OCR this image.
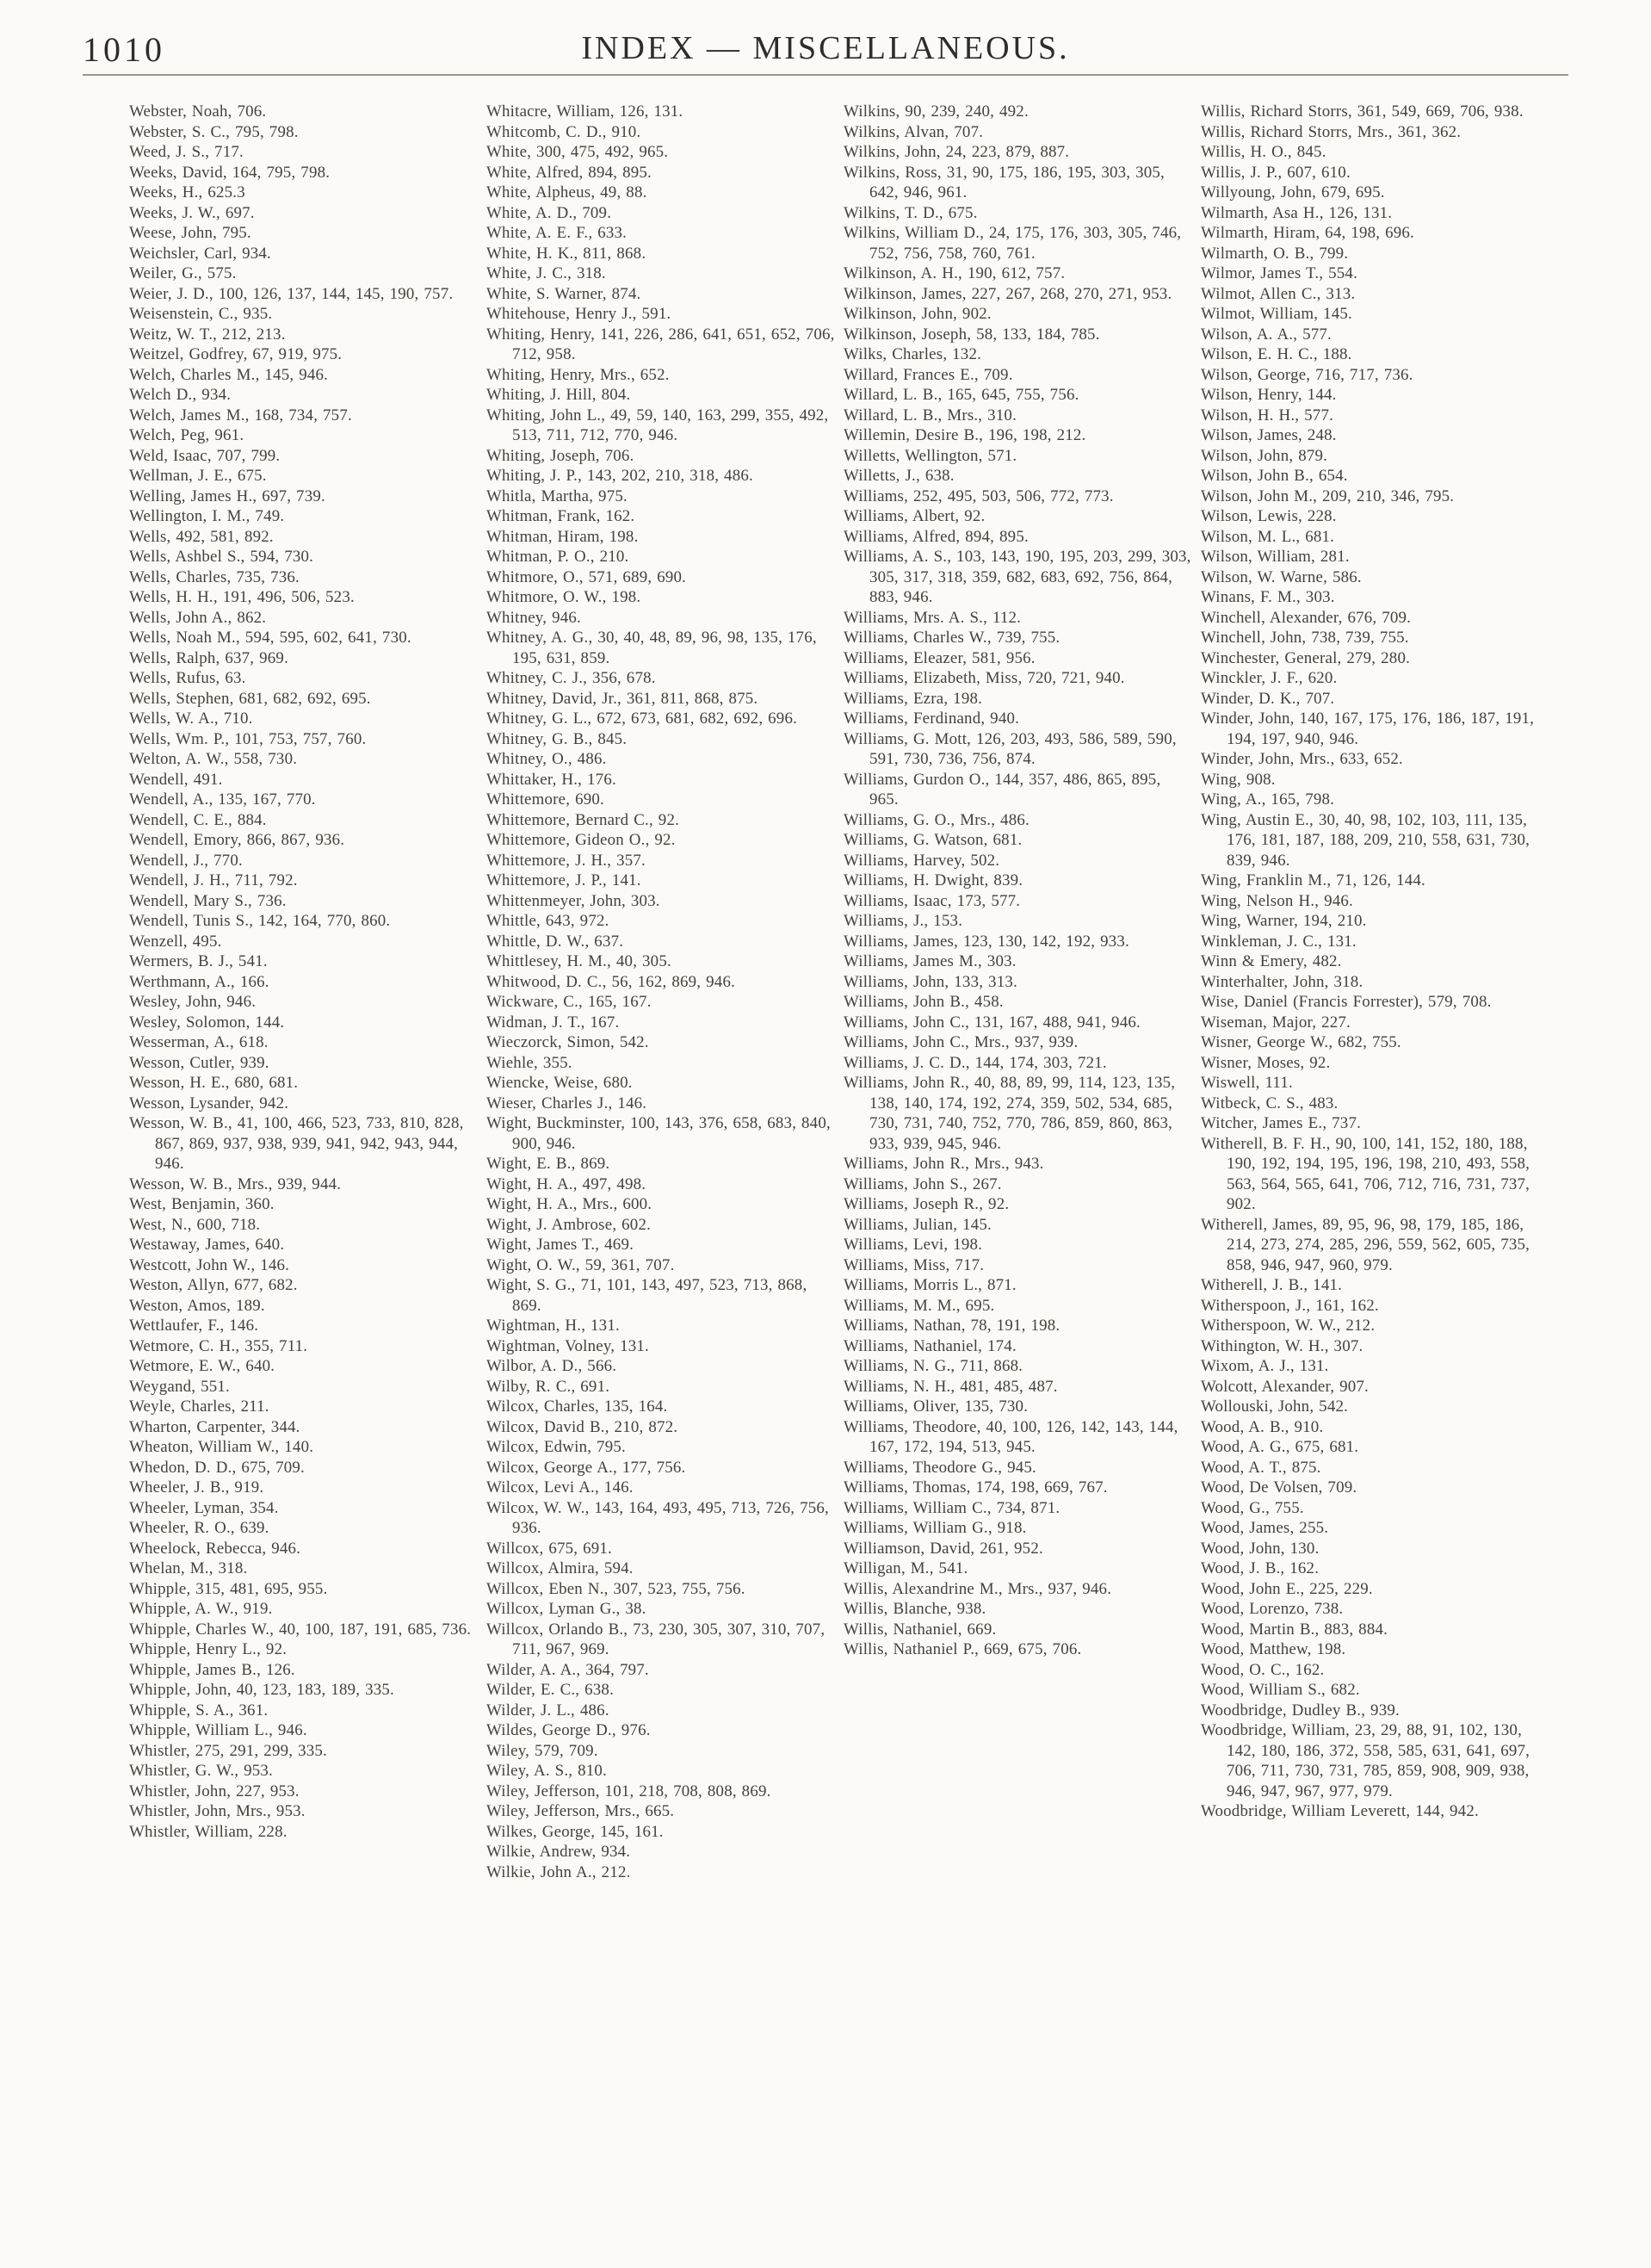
1010	INDEX — MISCELLANEOUS.
Webster, Noah, 706.
Webster, S. C., 795, 798.
Weed, J. S., 717.
Weeks, David, 164, 795, 798.
Weeks, H., 625.3
Weeks, J. W., 697.
Weese, John, 795.
Weichsler, Carl, 934.
Weiler, G., 575.
Weier, J. D., 100, 126, 137, 144, 145, 190, 757.
Weisenstein, C., 935.
Weitz, W. T., 212, 213.
Weitzel, Godfrey, 67, 919, 975.
Welch, Charles M., 145, 946.
Welch D., 934.
Welch, James M., 168, 734, 757.
Welch, Peg, 961.
Weld, Isaac, 707, 799.
Wellman, J. E., 675.
Welling, James H., 697, 739.
Wellington, I. M., 749.
Wells, 492, 581, 892.
Wells, Ashbel S., 594, 730.
Wells, Charles, 735, 736.
Wells, H. H., 191, 496, 506, 523.
Wells, John A., 862.
Wells, Noah M., 594, 595, 602, 641, 730.
Wells, Ralph, 637, 969.
Wells, Rufus, 63.
Wells, Stephen, 681, 682, 692, 695.
Wells, W. A., 710.
Wells, Wm. P., 101, 753, 757, 760.
Welton, A. W., 558, 730.
Wendell, 491.
Wendell, A., 135, 167, 770.
Wendell, C. E., 884.
Wendell, Emory, 866, 867, 936.
Wendell, J., 770.
Wendell, J. H., 711, 792.
Wendell, Mary S., 736.
Wendell, Tunis S., 142, 164, 770, 860.
Wenzell, 495.
Wermers, B. J., 541.
Werthmann, A., 166.
Wesley, John, 946.
Wesley, Solomon, 144.
Wesserman, A., 618.
Wesson, Cutler, 939.
Wesson, H. E., 680, 681.
Wesson, Lysander, 942.
Wesson, W. B., 41, 100, 466, 523, 733, 810, 828, 867, 869, 937, 938, 939, 941, 942, 943, 944, 946.
Wesson, W. B., Mrs., 939, 944.
West, Benjamin, 360.
West, N., 600, 718.
Westaway, James, 640.
Westcott, John W., 146.
Weston, Allyn, 677, 682.
Weston, Amos, 189.
Wettlaufer, F., 146.
Wetmore, C. H., 355, 711.
Wetmore, E. W., 640.
Weygand, 551.
Weyle, Charles, 211.
Wharton, Carpenter, 344.
Wheaton, William W., 140.
Whedon, D. D., 675, 709.
Wheeler, J. B., 919.
Wheeler, Lyman, 354.
Wheeler, R. O., 639.
Wheelock, Rebecca, 946.
Whelan, M., 318.
Whipple, 315, 481, 695, 955.
Whipple, A. W., 919.
Whipple, Charles W., 40, 100, 187, 191, 685, 736.
Whipple, Henry L., 92.
Whipple, James B., 126.
Whipple, John, 40, 123, 183, 189, 335.
Whipple, S. A., 361.
Whipple, William L., 946.
Whistler, 275, 291, 299, 335.
Whistler, G. W., 953.
Whistler, John, 227, 953.
Whistler, John, Mrs., 953.
Whistler, William, 228.
Whitacre, William, 126, 131.
Whitcomb, C. D., 910.
White, 300, 475, 492, 965.
White, Alfred, 894, 895.
White, Alpheus, 49, 88.
White, A. D., 709.
White, A. E. F., 633.
White, H. K., 811, 868.
White, J. C., 318.
White, S. Warner, 874.
Whitehouse, Henry J., 591.
Whiting, Henry, 141, 226, 286, 641, 651, 652, 706, 712, 958.
Whiting, Henry, Mrs., 652.
Whiting, J. Hill, 804.
Whiting, John L., 49, 59, 140, 163, 299, 355, 492, 513, 711, 712, 770, 946.
Whiting, Joseph, 706.
Whiting, J. P., 143, 202, 210, 318, 486.
Whitla, Martha, 975.
Whitman, Frank, 162.
Whitman, Hiram, 198.
Whitman, P. O., 210.
Whitmore, O., 571, 689, 690.
Whitmore, O. W., 198.
Whitney, 946.
Whitney, A. G., 30, 40, 48, 89, 96, 98, 135, 176, 195, 631, 859.
Whitney, C. J., 356, 678.
Whitney, David, Jr., 361, 811, 868, 875.
Whitney, G. L., 672, 673, 681, 682, 692, 696.
Whitney, G. B., 845.
Whitney, O., 486.
Whittaker, H., 176.
Whittemore, 690.
Whittemore, Bernard C., 92.
Whittemore, Gideon O., 92.
Whittemore, J. H., 357.
Whittemore, J. P., 141.
Whittenmeyer, John, 303.
Whittle, 643, 972.
Whittle, D. W., 637.
Whittlesey, H. M., 40, 305.
Whitwood, D. C., 56, 162, 869, 946.
Wickware, C., 165, 167.
Widman, J. T., 167.
Wieczorck, Simon, 542.
Wiehle, 355.
Wiencke, Weise, 680.
Wieser, Charles J., 146.
Wight, Buckminster, 100, 143, 376, 658, 683, 840, 900, 946.
Wight, E. B., 869.
Wight, H. A., 497, 498.
Wight, H. A., Mrs., 600.
Wight, J. Ambrose, 602.
Wight, James T., 469.
Wight, O. W., 59, 361, 707.
Wight, S. G., 71, 101, 143, 497, 523, 713, 868, 869.
Wightman, H., 131.
Wightman, Volney, 131.
Wilbor, A. D., 566.
Wilby, R. C., 691.
Wilcox, Charles, 135, 164.
Wilcox, David B., 210, 872.
Wilcox, Edwin, 795.
Wilcox, George A., 177, 756.
Wilcox, Levi A., 146.
Wilcox, W. W., 143, 164, 493, 495, 713, 726, 756, 936.
Willcox, 675, 691.
Willcox, Almira, 594.
Willcox, Eben N., 307, 523, 755, 756.
Willcox, Lyman G., 38.
Willcox, Orlando B., 73, 230, 305, 307, 310, 707, 711, 967, 969.
Wilder, A. A., 364, 797.
Wilder, E. C., 638.
Wilder, J. L., 486.
Wildes, George D., 976.
Wiley, 579, 709.
Wiley, A. S., 810.
Wiley, Jefferson, 101, 218, 708, 808, 869.
Wiley, Jefferson, Mrs., 665.
Wilkes, George, 145, 161.
Wilkie, Andrew, 934.
Wilkie, John A., 212.
Wilkins, 90, 239, 240, 492.
Wilkins, Alvan, 707.
Wilkins, John, 24, 223, 879, 887.
Wilkins, Ross, 31, 90, 175, 186, 195, 303, 305, 642, 946, 961.
Wilkins, T. D., 675.
Wilkins, William D., 24, 175, 176, 303, 305, 746, 752, 756, 758, 760, 761.
Wilkinson, A. H., 190, 612, 757.
Wilkinson, James, 227, 267, 268, 270, 271, 953.
Wilkinson, John, 902.
Wilkinson, Joseph, 58, 133, 184, 785.
Wilks, Charles, 132.
Willard, Frances E., 709.
Willard, L. B., 165, 645, 755, 756.
Willard, L. B., Mrs., 310.
Willemin, Desire B., 196, 198, 212.
Willetts, Wellington, 571.
Willetts, J., 638.
Williams, 252, 495, 503, 506, 772, 773.
Williams, Albert, 92.
Williams, Alfred, 894, 895.
Williams, A. S., 103, 143, 190, 195, 203, 299, 303, 305, 317, 318, 359, 682, 683, 692, 756, 864, 883, 946.
Williams, Mrs. A. S., 112.
Williams, Charles W., 739, 755.
Williams, Eleazer, 581, 956.
Williams, Elizabeth, Miss, 720, 721, 940.
Williams, Ezra, 198.
Williams, Ferdinand, 940.
Williams, G. Mott, 126, 203, 493, 586, 589, 590, 591, 730, 736, 756, 874.
Williams, Gurdon O., 144, 357, 486, 865, 895, 965.
Williams, G. O., Mrs., 486.
Williams, G. Watson, 681.
Williams, Harvey, 502.
Williams, H. Dwight, 839.
Williams, Isaac, 173, 577.
Williams, J., 153.
Williams, James, 123, 130, 142, 192, 933.
Williams, James M., 303.
Williams, John, 133, 313.
Williams, John B., 458.
Williams, John C., 131, 167, 488, 941, 946.
Williams, John C., Mrs., 937, 939.
Williams, J. C. D., 144, 174, 303, 721.
Williams, John R., 40, 88, 89, 99, 114, 123, 135, 138, 140, 174, 192, 274, 359, 502, 534, 685, 730, 731, 740, 752, 770, 786, 859, 860, 863, 933, 939, 945, 946.
Williams, John R., Mrs., 943.
Williams, John S., 267.
Williams, Joseph R., 92.
Williams, Julian, 145.
Williams, Levi, 198.
Williams, Miss, 717.
Williams, Morris L., 871.
Williams, M. M., 695.
Williams, Nathan, 78, 191, 198.
Williams, Nathaniel, 174.
Williams, N. G., 711, 868.
Williams, N. H., 481, 485, 487.
Williams, Oliver, 135, 730.
Williams, Theodore, 40, 100, 126, 142, 143, 144, 167, 172, 194, 513, 945.
Williams, Theodore G., 945.
Williams, Thomas, 174, 198, 669, 767.
Williams, William C., 734, 871.
Williams, William G., 918.
Williamson, David, 261, 952.
Willigan, M., 541.
Willis, Alexandrine M., Mrs., 937, 946.
Willis, Blanche, 938.
Willis, Nathaniel, 669.
Willis, Nathaniel P., 669, 675, 706.
Willis, Richard Storrs, 361, 549, 669, 706, 938.
Willis, Richard Storrs, Mrs., 361, 362.
Willis, H. O., 845.
Willis, J. P., 607, 610.
Willyoung, John, 679, 695.
Wilmarth, Asa H., 126, 131.
Wilmarth, Hiram, 64, 198, 696.
Wilmarth, O. B., 799.
Wilmor, James T., 554.
Wilmot, Allen C., 313.
Wilmot, William, 145.
Wilson, A. A., 577.
Wilson, E. H. C., 188.
Wilson, George, 716, 717, 736.
Wilson, Henry, 144.
Wilson, H. H., 577.
Wilson, James, 248.
Wilson, John, 879.
Wilson, John B., 654.
Wilson, John M., 209, 210, 346, 795.
Wilson, Lewis, 228.
Wilson, M. L., 681.
Wilson, William, 281.
Wilson, W. Warne, 586.
Winans, F. M., 303.
Winchell, Alexander, 676, 709.
Winchell, John, 738, 739, 755.
Winchester, General, 279, 280.
Winckler, J. F., 620.
Winder, D. K., 707.
Winder, John, 140, 167, 175, 176, 186, 187, 191, 194, 197, 940, 946.
Winder, John, Mrs., 633, 652.
Wing, 908.
Wing, A., 165, 798.
Wing, Austin E., 30, 40, 98, 102, 103, 111, 135, 176, 181, 187, 188, 209, 210, 558, 631, 730, 839, 946.
Wing, Franklin M., 71, 126, 144.
Wing, Nelson H., 946.
Wing, Warner, 194, 210.
Winkleman, J. C., 131.
Winn & Emery, 482.
Winterhalter, John, 318.
Wise, Daniel (Francis Forrester), 579, 708.
Wiseman, Major, 227.
Wisner, George W., 682, 755.
Wisner, Moses, 92.
Wiswell, 111.
Witbeck, C. S., 483.
Witcher, James E., 737.
Witherell, B. F. H., 90, 100, 141, 152, 180, 188, 190, 192, 194, 195, 196, 198, 210, 493, 558, 563, 564, 565, 641, 706, 712, 716, 731, 737, 902.
Witherell, James, 89, 95, 96, 98, 179, 185, 186, 214, 273, 274, 285, 296, 559, 562, 605, 735, 858, 946, 947, 960, 979.
Witherell, J. B., 141.
Witherspoon, J., 161, 162.
Witherspoon, W. W., 212.
Withington, W. H., 307.
Wixom, A. J., 131.
Wolcott, Alexander, 907.
Wollouski, John, 542.
Wood, A. B., 910.
Wood, A. G., 675, 681.
Wood, A. T., 875.
Wood, De Volsen, 709.
Wood, G., 755.
Wood, James, 255.
Wood, John, 130.
Wood, J. B., 162.
Wood, John E., 225, 229.
Wood, Lorenzo, 738.
Wood, Martin B., 883, 884.
Wood, Matthew, 198.
Wood, O. C., 162.
Wood, William S., 682.
Woodbridge, Dudley B., 939.
Woodbridge, William, 23, 29, 88, 91, 102, 130, 142, 180, 186, 372, 558, 585, 631, 641, 697, 706, 711, 730, 731, 785, 859, 908, 909, 938, 946, 947, 967, 977, 979.
Woodbridge, William Leverett, 144, 942.
